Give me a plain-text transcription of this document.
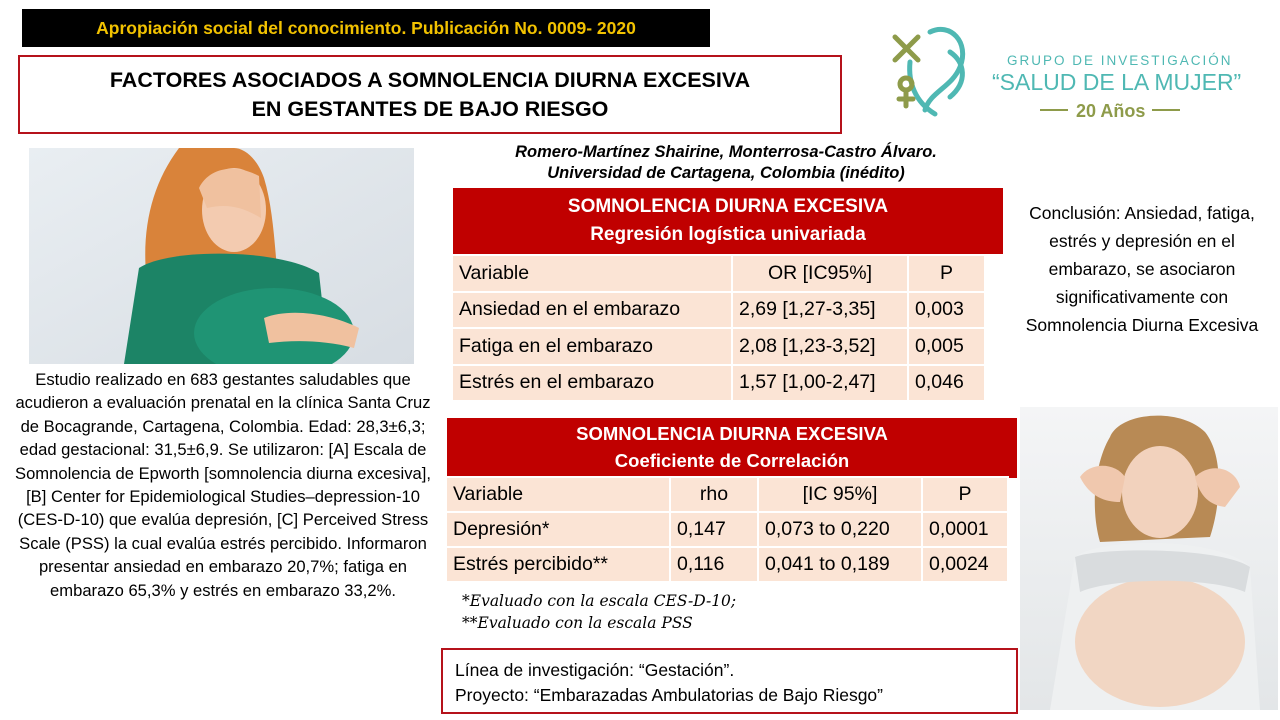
Apropiación social del conocimiento. Publicación No. 0009- 2020
FACTORES ASOCIADOS A SOMNOLENCIA DIURNA EXCESIVA
EN GESTANTES DE BAJO RIESGO
GRUPO DE INVESTIGACIÓN
“SALUD DE LA MUJER”
20 Años
Romero-Martínez Shairine, Monterrosa-Castro Álvaro.
Universidad de Cartagena, Colombia (inédito)
Estudio realizado en 683 gestantes saludables que acudieron a evaluación prenatal en la clínica Santa Cruz de Bocagrande, Cartagena, Colombia. Edad: 28,3±6,3; edad gestacional: 31,5±6,9. Se utilizaron: [A] Escala de Somnolencia de Epworth [somnolencia diurna excesiva], [B] Center for Epidemiological Studies–depression-10 (CES-D-10) que evalúa depresión, [C] Perceived Stress Scale (PSS) la cual evalúa estrés percibido. Informaron presentar ansiedad en embarazo 20,7%; fatiga en embarazo 65,3% y estrés en embarazo 33,2%.
SOMNOLENCIA DIURNA EXCESIVA
Regresión logística univariada
Variable	OR [IC95%]	P
Ansiedad en el embarazo	2,69 [1,27-3,35]	0,003
Fatiga en el embarazo	2,08 [1,23-3,52]	0,005
Estrés en el embarazo	1,57 [1,00-2,47]	0,046
SOMNOLENCIA DIURNA EXCESIVA
Coeficiente de Correlación
Variable	rho	[IC 95%]	P
Depresión*	0,147	0,073 to 0,220	0,0001
Estrés percibido**	0,116	0,041 to 0,189	0,0024
*Evaluado con la escala CES-D-10;
**Evaluado con la escala PSS
Línea de investigación: “Gestación”.
Proyecto: “Embarazadas Ambulatorias de Bajo Riesgo”
Conclusión: Ansiedad, fatiga, estrés y depresión en el embarazo, se asociaron significativamente con Somnolencia Diurna Excesiva
